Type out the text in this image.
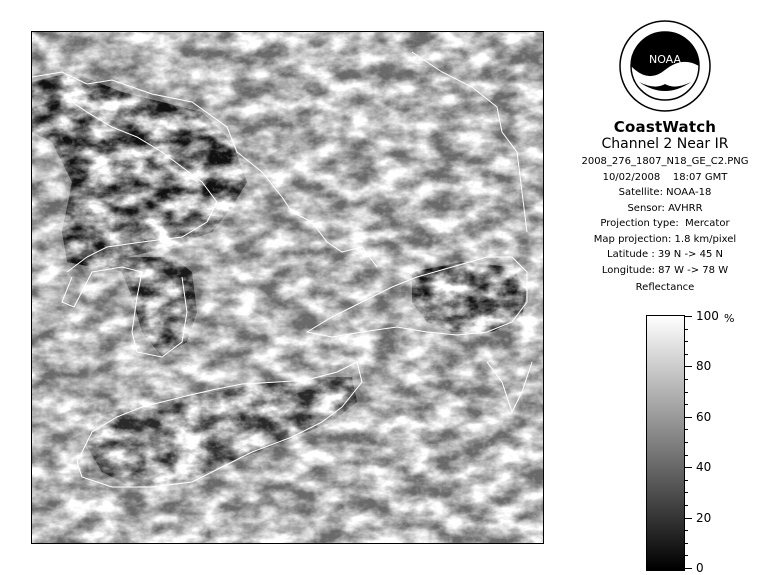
NOAA
CoastWatch
Channel 2 Near IR
2008_276_1807_N18_GE_C2.PNG
10/02/2008    18:07 GMT
Satellite: NOAA-18
Sensor: AVHRR
Projection type:  Mercator
Map projection: 1.8 km/pixel
Latitude : 39 N -> 45 N
Longitude: 87 W -> 78 W
Reflectance
%
100
80
60
40
20
0
